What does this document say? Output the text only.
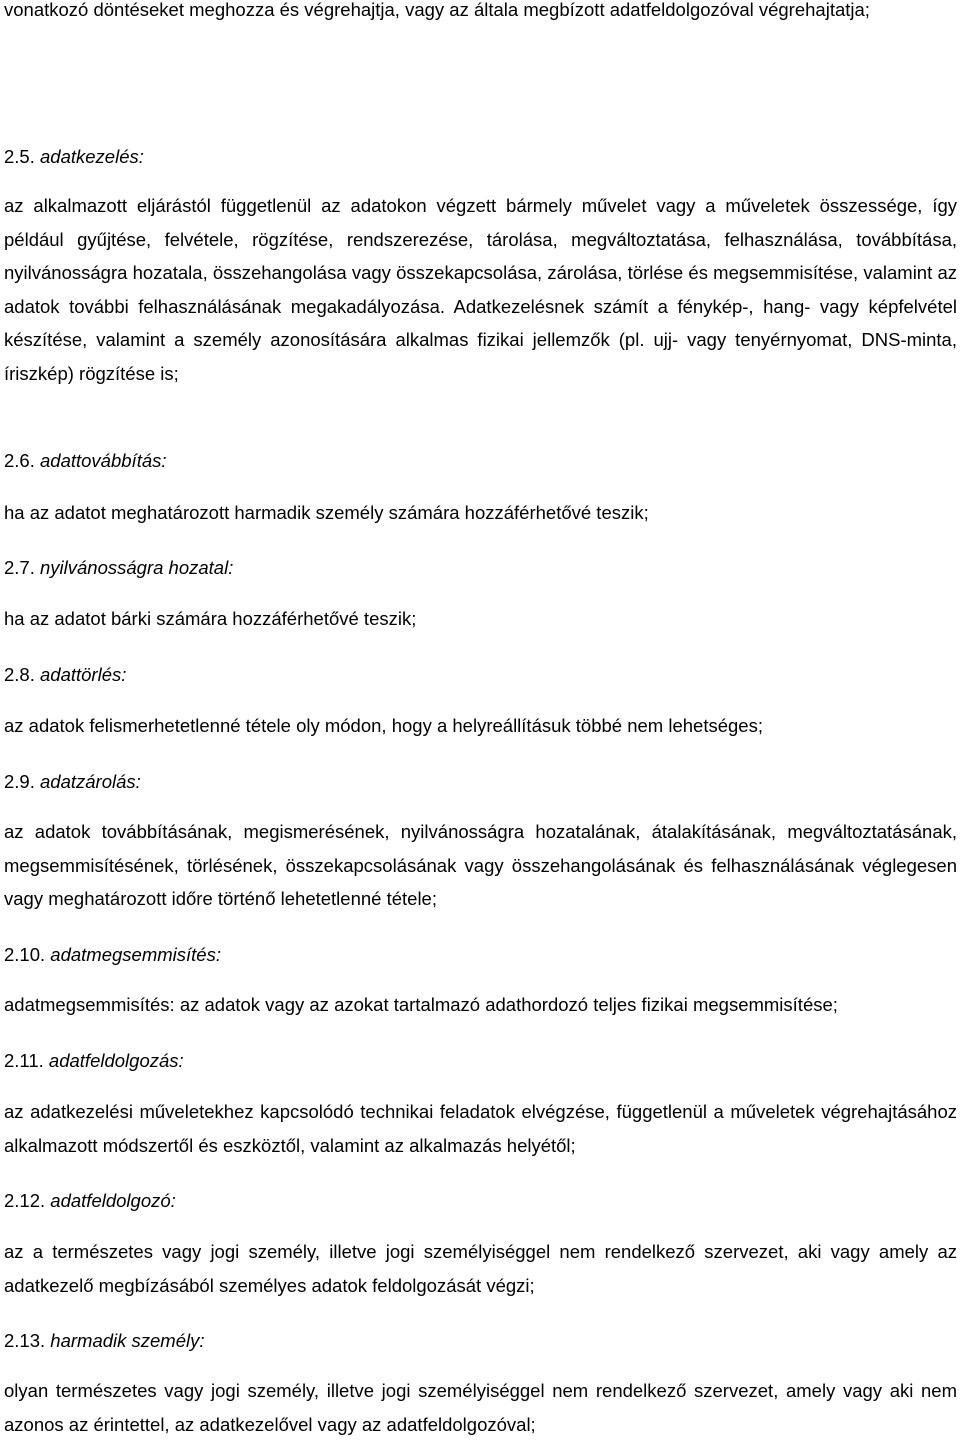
vonatkozó döntéseket meghozza és végrehajtja, vagy az általa megbízott adatfeldolgozóval végrehajtatja;

2.5. adatkezelés:

az alkalmazott eljárástól függetlenül az adatokon végzett bármely művelet vagy a műveletek összessége, így például gyűjtése, felvétele, rögzítése, rendszerezése, tárolása, megváltoztatása, felhasználása, továbbítása, nyilvánosságra hozatala, összehangolása vagy összekapcsolása, zárolása, törlése és megsemmisítése, valamint az adatok további felhasználásának megakadályozása. Adatkezelésnek számít a fénykép-, hang- vagy képfelvétel készítése, valamint a személy azonosítására alkalmas fizikai jellemzők (pl. ujj- vagy tenyérnyomat, DNS-minta, íriszkép) rögzítése is;

2.6. adattovábbítás:

ha az adatot meghatározott harmadik személy számára hozzáférhetővé teszik;

2.7. nyilvánosságra hozatal:

ha az adatot bárki számára hozzáférhetővé teszik;

2.8. adattörlés:

az adatok felismerhetetlenné tétele oly módon, hogy a helyreállításuk többé nem lehetséges;

2.9. adatzárolás:

az adatok továbbításának, megismerésének, nyilvánosságra hozatalának, átalakításának, megváltoztatásának, megsemmisítésének, törlésének, összekapcsolásának vagy összehangolásának és felhasználásának véglegesen vagy meghatározott időre történő lehetetlenné tétele;

2.10. adatmegsemmisítés:

adatmegsemmisítés: az adatok vagy az azokat tartalmazó adathordozó teljes fizikai megsemmisítése;

2.11. adatfeldolgozás:

az adatkezelési műveletekhez kapcsolódó technikai feladatok elvégzése, függetlenül a műveletek végrehajtásához alkalmazott módszertől és eszköztől, valamint az alkalmazás helyétől;

2.12. adatfeldolgozó:

az a természetes vagy jogi személy, illetve jogi személyiséggel nem rendelkező szervezet, aki vagy amely az adatkezelő megbízásából személyes adatok feldolgozását végzi;

2.13. harmadik személy:

olyan természetes vagy jogi személy, illetve jogi személyiséggel nem rendelkező szervezet, amely vagy aki nem azonos az érintettel, az adatkezelővel vagy az adatfeldolgozóval;
